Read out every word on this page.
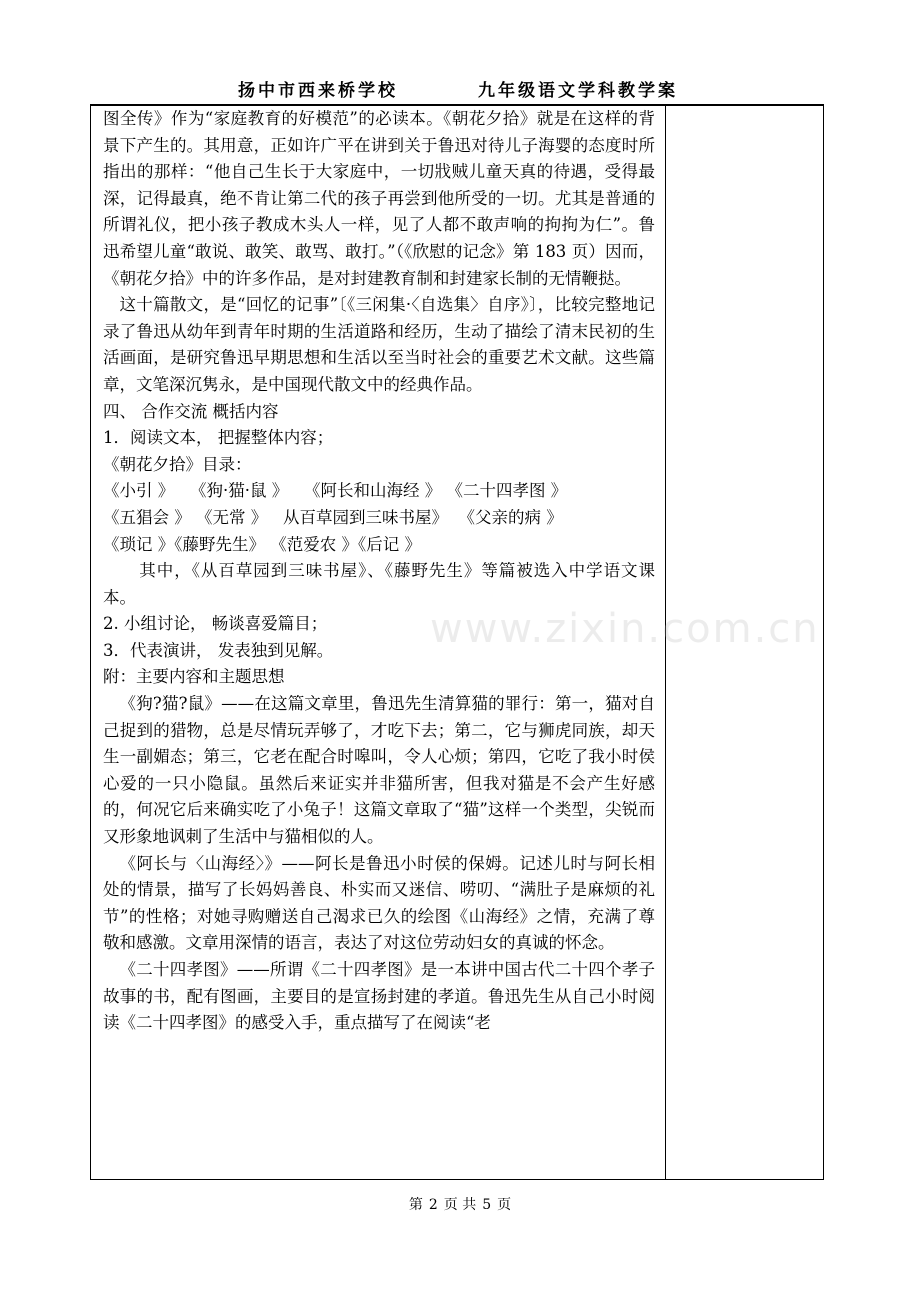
扬中市西来桥学校	九年级语文学科教学案

图全传》作为“家庭教育的好模范”的必读本。《朝花夕拾》就是在这样的背景下产生的。其用意，正如许广平在讲到关于鲁迅对待儿子海婴的态度时所指出的那样：“他自己生长于大家庭中，一切戕贼儿童天真的待遇，受得最深，记得最真，绝不肯让第二代的孩子再尝到他所受的一切。尤其是普通的所谓礼仪，把小孩子教成木头人一样，见了人都不敢声响的拘拘为仁”。鲁迅希望儿童“敢说、敢笑、敢骂、敢打。”（《欣慰的记念》第 183 页）因而，《朝花夕拾》中的许多作品，是对封建教育制和封建家长制的无情鞭挞。

这十篇散文，是“回忆的记事”〔《三闲集·〈自选集〉自序》〕，比较完整地记录了鲁迅从幼年到青年时期的生活道路和经历，生动了描绘了清末民初的生活画面，是研究鲁迅早期思想和生活以至当时社会的重要艺术文献。这些篇章，文笔深沉隽永，是中国现代散文中的经典作品。

四、 合作交流 概括内容

1．阅读文本， 把握整体内容；

《朝花夕拾》目录：

《小引 》   《狗·猫·鼠 》   《阿长和山海经 》 《二十四孝图 》

《五猖会 》 《无常 》   从百草园到三味书屋》  《父亲的病 》

《琐记 》《藤野先生》 《范爱农 》《后记 》

其中，《从百草园到三味书屋》、《藤野先生》等篇被选入中学语文课本。

2. 小组讨论， 畅谈喜爱篇目；

3．代表演讲， 发表独到见解。

附：主要内容和主题思想

《狗?猫?鼠》——在这篇文章里，鲁迅先生清算猫的罪行：第一，猫对自己捉到的猎物，总是尽情玩弄够了，才吃下去；第二，它与狮虎同族，却天生一副媚态；第三，它老在配合时嗥叫，令人心烦；第四，它吃了我小时侯心爱的一只小隐鼠。虽然后来证实并非猫所害，但我对猫是不会产生好感的，何况它后来确实吃了小兔子！这篇文章取了“猫”这样一个类型，尖锐而又形象地讽刺了生活中与猫相似的人。

《阿长与〈山海经〉》——阿长是鲁迅小时侯的保姆。记述儿时与阿长相处的情景，描写了长妈妈善良、朴实而又迷信、唠叨、“满肚子是麻烦的礼节”的性格；对她寻购赠送自己渴求已久的绘图《山海经》之情，充满了尊敬和感激。文章用深情的语言，表达了对这位劳动妇女的真诚的怀念。

《二十四孝图》——所谓《二十四孝图》是一本讲中国古代二十四个孝子故事的书，配有图画，主要目的是宣扬封建的孝道。鲁迅先生从自己小时阅读《二十四孝图》的感受入手，重点描写了在阅读“老

www.zixin.com.cn
第 2 页 共 5 页
